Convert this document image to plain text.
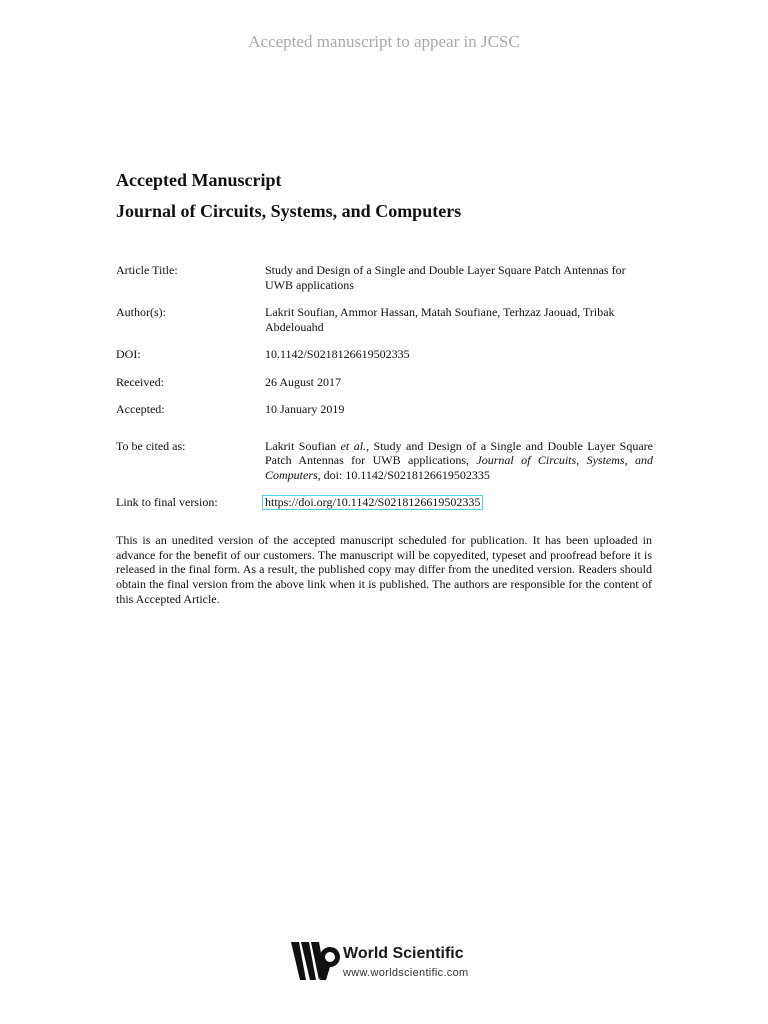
Accepted manuscript to appear in JCSC
Accepted Manuscript
Journal of Circuits, Systems, and Computers
Article Title:	Study and Design of a Single and Double Layer Square Patch Antennas for UWB applications
Author(s):	Lakrit Soufian, Ammor Hassan, Matah Soufiane, Terhzaz Jaouad, Tribak Abdelouahd
DOI:	10.1142/S0218126619502335
Received:	26 August 2017
Accepted:	10 January 2019
To be cited as:	Lakrit Soufian et al., Study and Design of a Single and Double Layer Square Patch Antennas for UWB applications, Journal of Circuits, Systems, and Computers, doi: 10.1142/S0218126619502335
Link to final version:	https://doi.org/10.1142/S0218126619502335
This is an unedited version of the accepted manuscript scheduled for publication. It has been uploaded in advance for the benefit of our customers. The manuscript will be copyedited, typeset and proofread before it is released in the final form. As a result, the published copy may differ from the unedited version. Readers should obtain the final version from the above link when it is published. The authors are responsible for the content of this Accepted Article.
World Scientific
www.worldscientific.com
